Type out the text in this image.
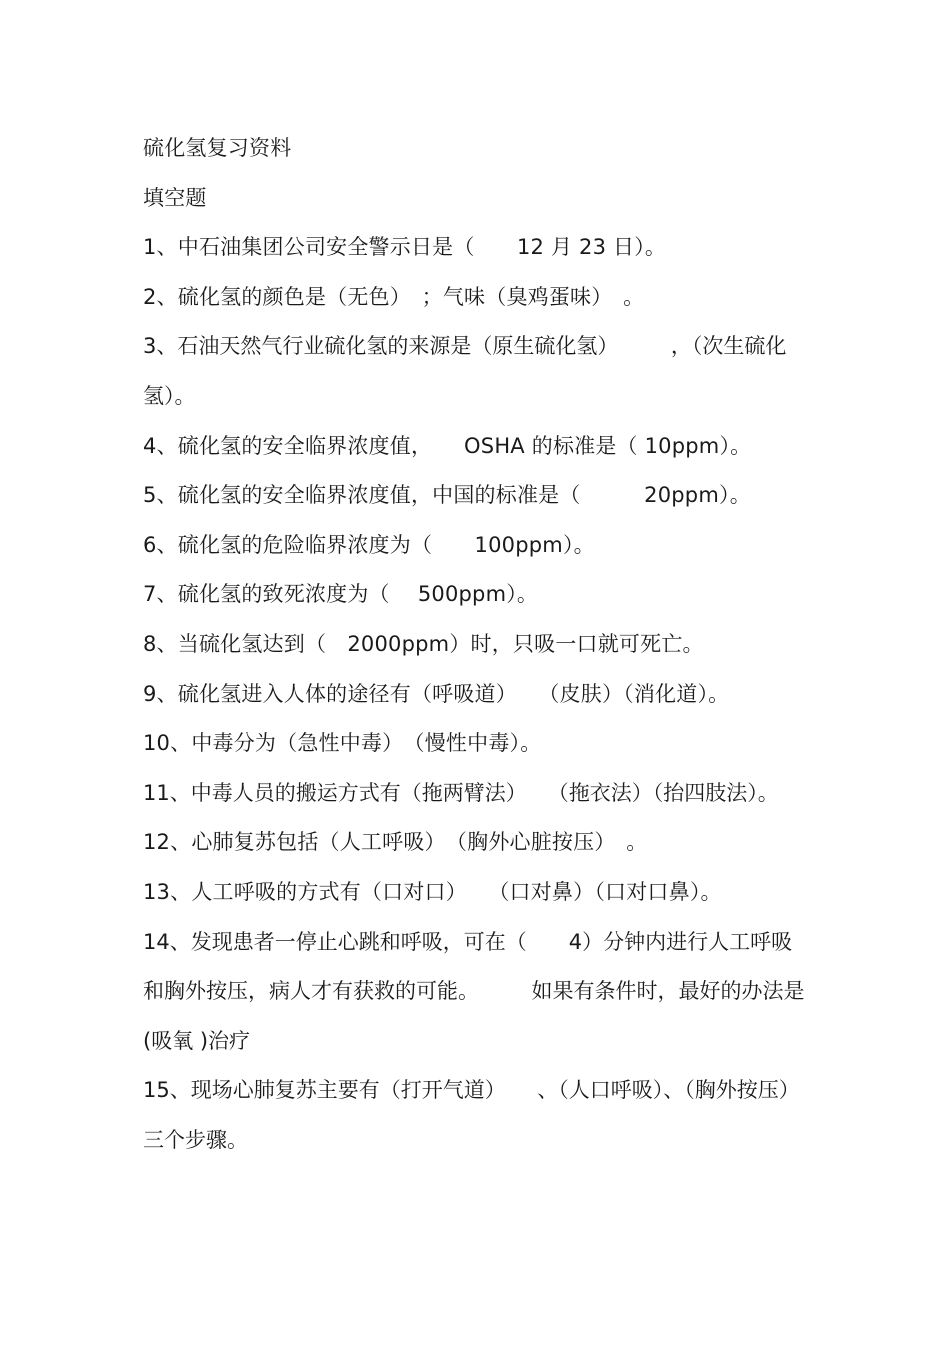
硫化氢复习资料
填空题
1、中石油集团公司安全警示日是（　　12 月 23 日）。
2、硫化氢的颜色是（无色）　；气味（臭鸡蛋味）　。
3、石油天然气行业硫化氢的来源是（原生硫化氢）　　　，（次生硫化氢）。
4、硫化氢的安全临界浓度值，　　OSHA 的标准是（ 10ppm）。
5、硫化氢的安全临界浓度值，中国的标准是（　　　20ppm）。
6、硫化氢的危险临界浓度为（　　100ppm）。
7、硫化氢的致死浓度为（　 500ppm）。
8、当硫化氢达到（　2000ppm）时，只吸一口就可死亡。
9、硫化氢进入人体的途径有（呼吸道）　　（皮肤）（消化道）。
10、中毒分为（急性中毒）　（慢性中毒）。
11、中毒人员的搬运方式有（拖两臂法）　　（拖衣法）（抬四肢法）。
12、心肺复苏包括（人工呼吸）　（胸外心脏按压）　。
13、人工呼吸的方式有（口对口）　　（口对鼻）（口对口鼻）。
14、发现患者一停止心跳和呼吸，可在（　　4）分钟内进行人工呼吸和胸外按压，病人才有获救的可能。　　　如果有条件时，最好的办法是 (吸氧 )治疗
15、现场心肺复苏主要有（打开气道）　　、（人口呼吸）、（胸外按压）三个步骤。
